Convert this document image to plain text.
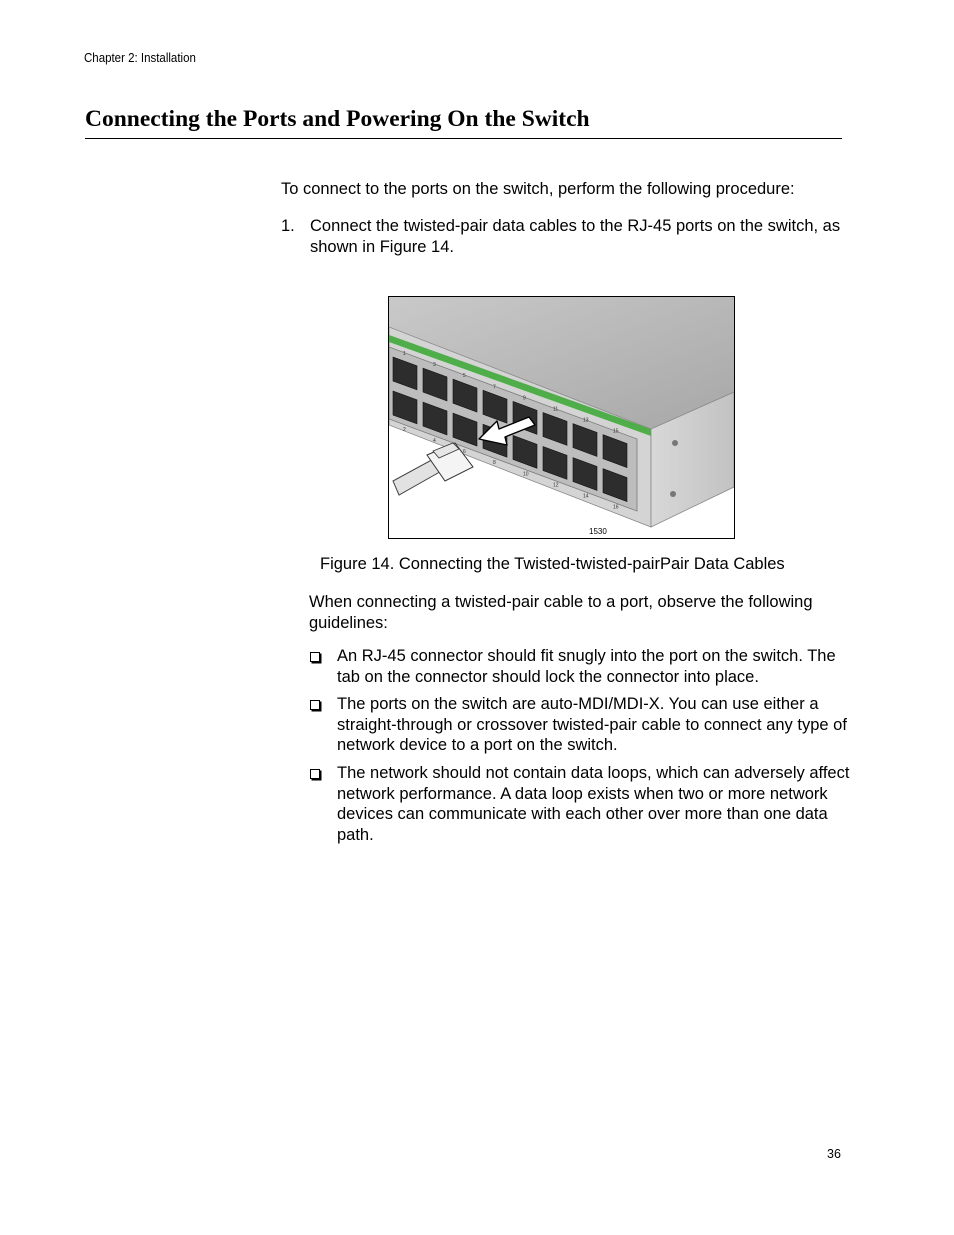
Chapter 2: Installation
Connecting the Ports and Powering On the Switch

To connect to the ports on the switch, perform the following procedure:

1. Connect the twisted-pair data cables to the RJ-45 ports on the switch, as shown in Figure 14.
1
2
3
4
5
6
7
8
9
10
11
12
13
14
15
16
1530

Figure 14. Connecting the Twisted-twisted-pairPair Data Cables

When connecting a twisted-pair cable to a port, observe the following guidelines:

An RJ-45 connector should fit snugly into the port on the switch. The tab on the connector should lock the connector into place.
The ports on the switch are auto-MDI/MDI-X. You can use either a straight-through or crossover twisted-pair cable to connect any type of network device to a port on the switch.
The network should not contain data loops, which can adversely affect network performance. A data loop exists when two or more network devices can communicate with each other over more than one data path.
36
